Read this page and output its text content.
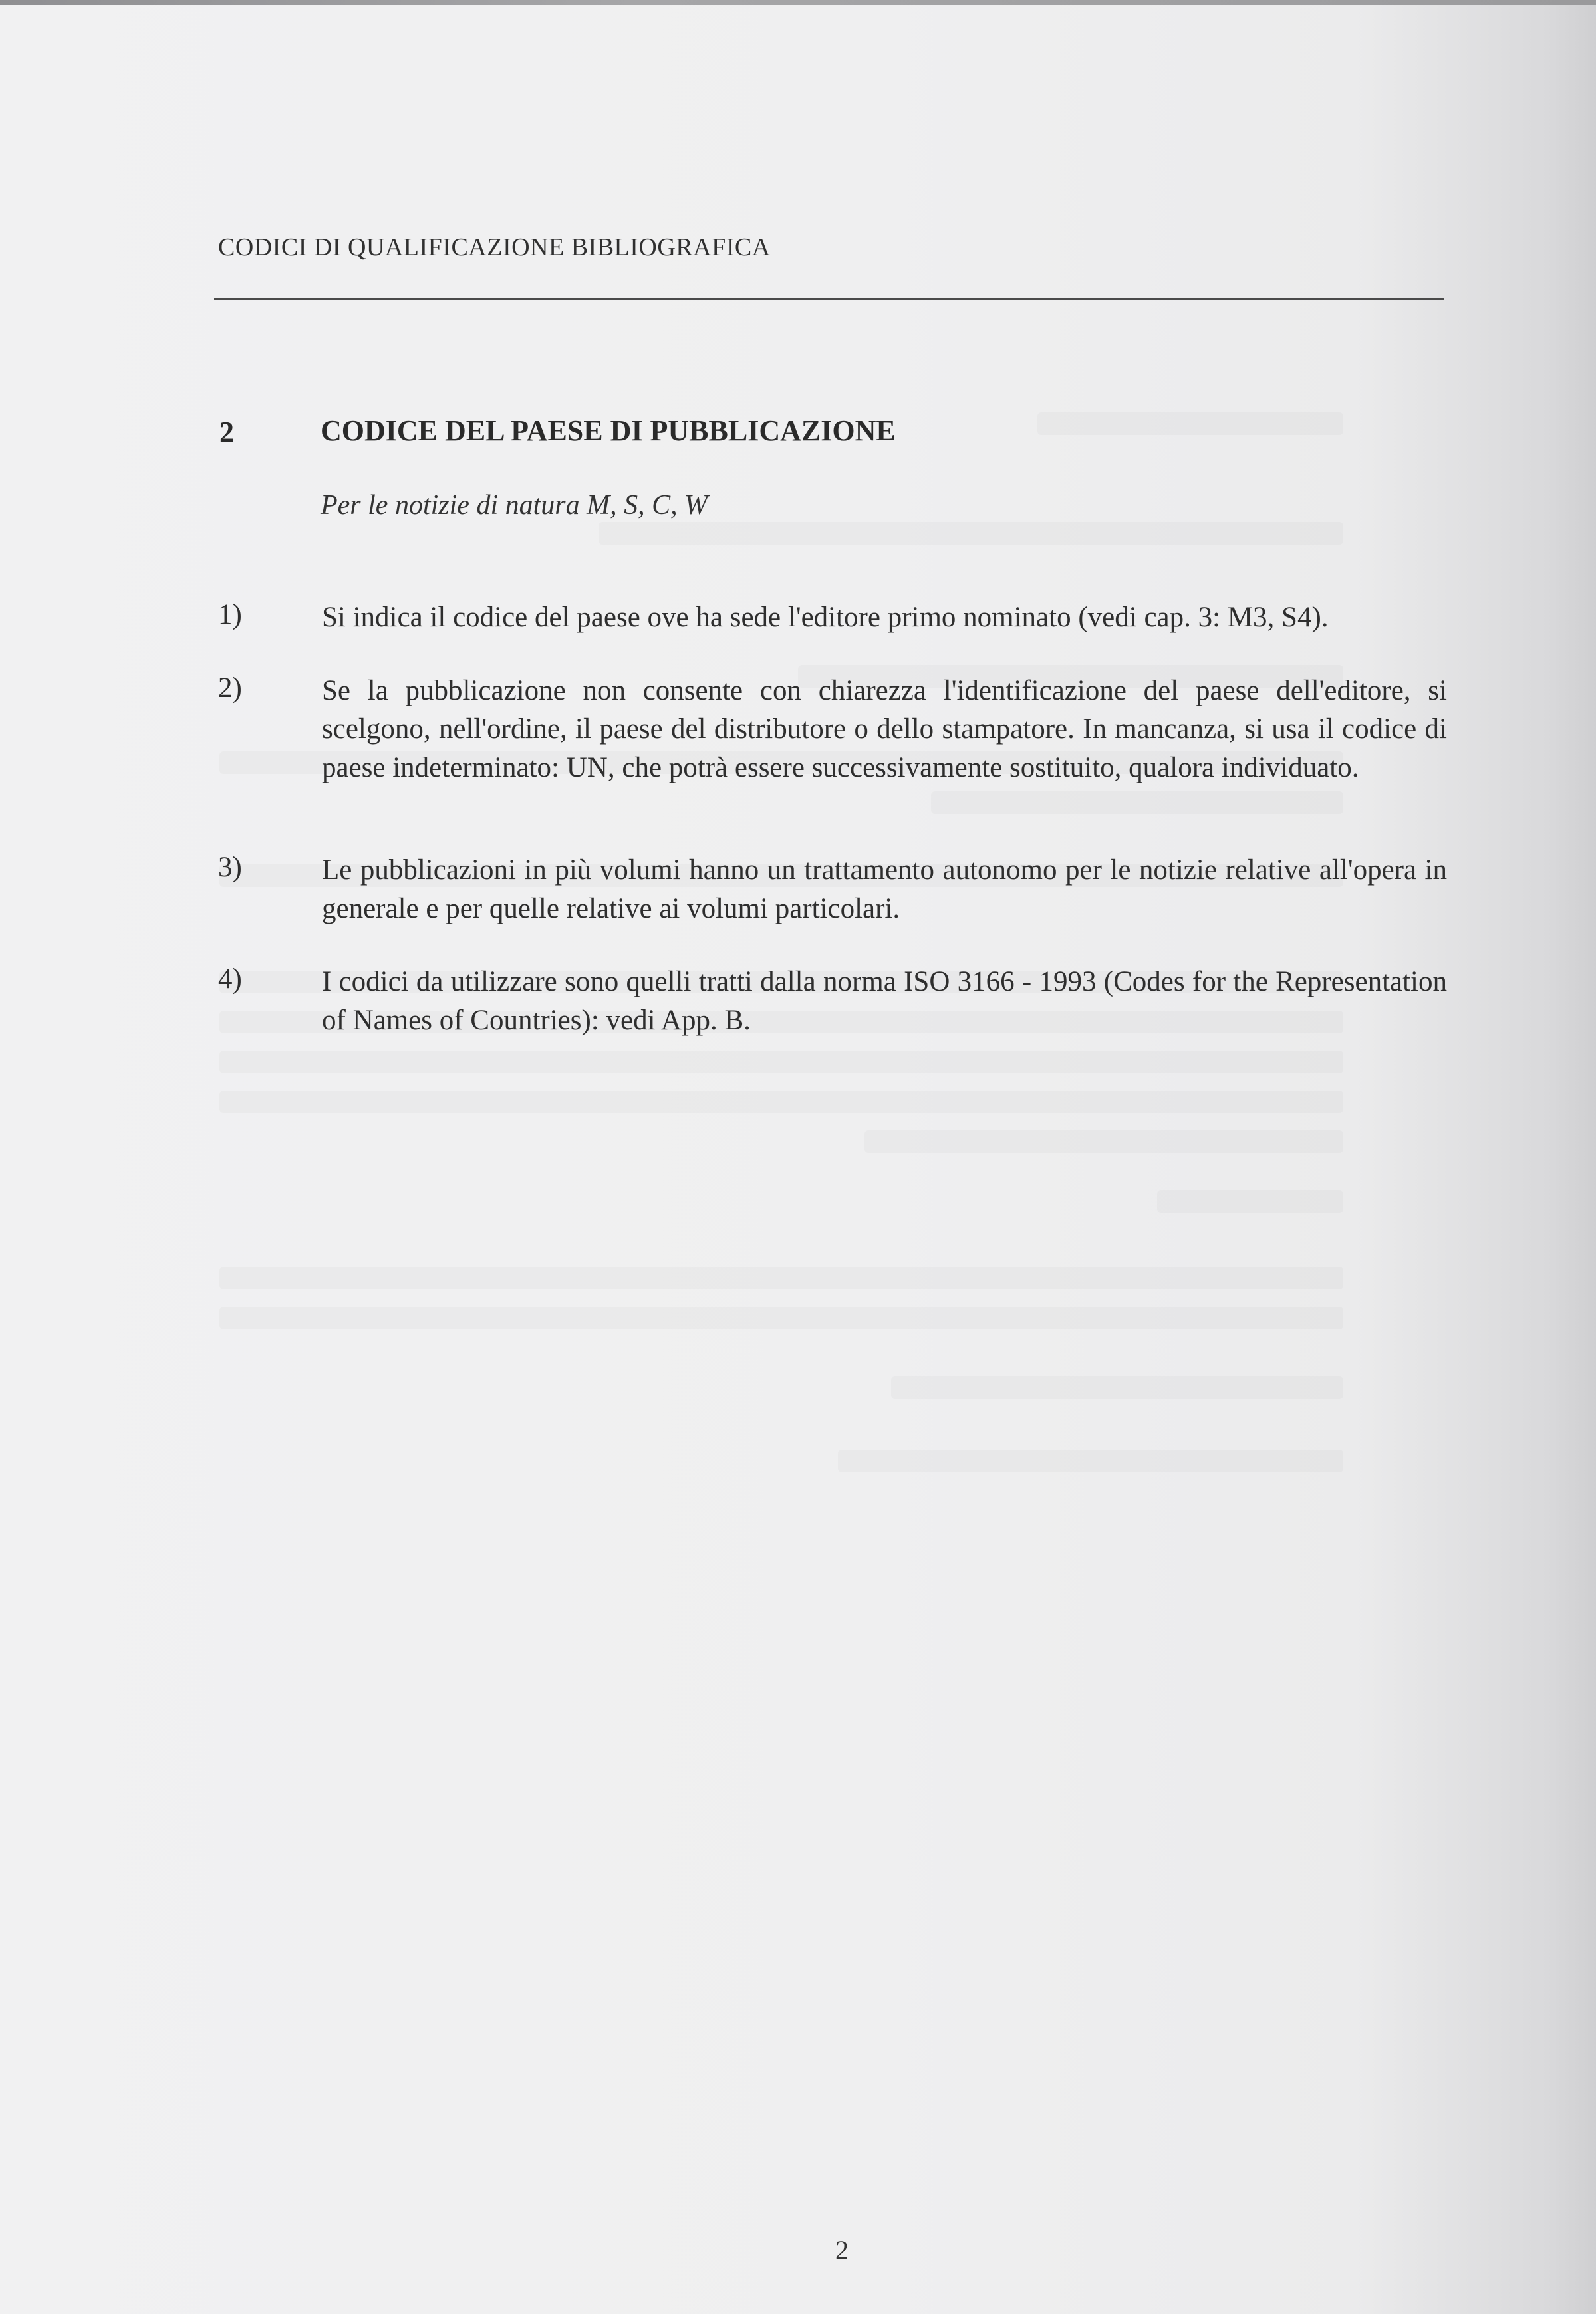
CODICI DI QUALIFICAZIONE BIBLIOGRAFICA
2	CODICE DEL PAESE DI PUBBLICAZIONE
Per le notizie di natura M, S, C, W
1)	Si indica il codice del paese ove ha sede l'editore primo nominato (vedi cap. 3: M3, S4).
2)	Se la pubblicazione non consente con chiarezza l'identificazione del paese dell'editore, si scelgono, nell'ordine, il paese del distributore o dello stampatore. In mancanza, si usa il codice di paese indeterminato: UN, che potrà essere successivamente sostituito, qualora individuato.
3)	Le pubblicazioni in più volumi hanno un trattamento autonomo per le notizie relative all'opera in generale e per quelle relative ai volumi particolari.
4)	I codici da utilizzare sono quelli tratti dalla norma ISO 3166 - 1993 (Codes for the Representation of Names of Countries): vedi App. B.
2
